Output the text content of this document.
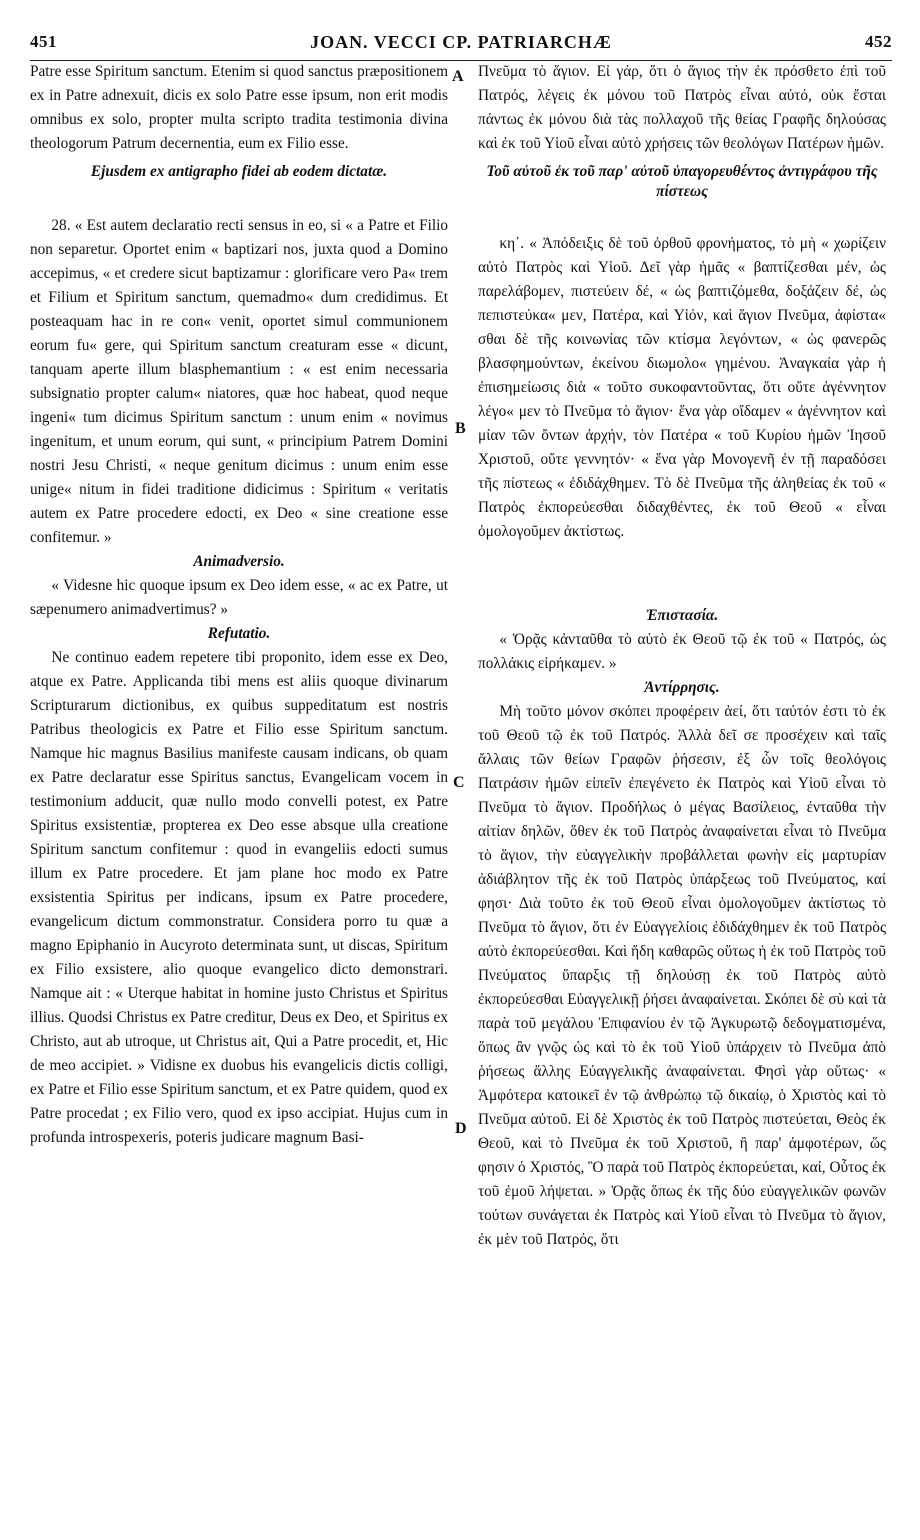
451	JOAN. VECCI CP. PATRIARCHÆ	452
A
B
C
D

Patre esse Spiritum sanctum. Etenim si quod sanctus præpositionem ex in Patre adnexuit, dicis ex solo Patre esse ipsum, non erit modis omnibus ex solo, propter multa scripto tradita testimonia divina theologorum Patrum decernentia, eum ex Filio esse.

Ejusdem ex antigrapho fidei ab eodem dictatæ.

28. « Est autem declaratio recti sensus in eo, si « a Patre et Filio non separetur. Oportet enim « baptizari nos, juxta quod a Domino accepimus, « et credere sicut baptizamur : glorificare vero Pa« trem et Filium et Spiritum sanctum, quemadmo« dum credidimus. Et posteaquam hac in re con« venit, oportet simul communionem eorum fu« gere, qui Spiritum sanctum creaturam esse « dicunt, tanquam aperte illum blasphemantium : « est enim necessaria subsignatio propter calum« niatores, quæ hoc habeat, quod neque ingeni« tum dicimus Spiritum sanctum : unum enim « novimus ingenitum, et unum eorum, qui sunt, « principium Patrem Domini nostri Jesu Christi, « neque genitum dicimus : unum enim esse unige« nitum in fidei traditione didicimus : Spiritum « veritatis autem ex Patre procedere edocti, ex Deo « sine creatione esse confitemur. »

Animadversio.

« Videsne hic quoque ipsum ex Deo idem esse, « ac ex Patre, ut sæpenumero animadvertimus? »

Refutatio.

Ne continuo eadem repetere tibi proponito, idem esse ex Deo, atque ex Patre. Applicanda tibi mens est aliis quoque divinarum Scripturarum dictionibus, ex quibus suppeditatum est nostris Patribus theologicis ex Patre et Filio esse Spiritum sanctum. Namque hic magnus Basilius manifeste causam indicans, ob quam ex Patre declaratur esse Spiritus sanctus, Evangelicam vocem in testimonium adducit, quæ nullo modo convelli potest, ex Patre Spiritus exsistentiæ, propterea ex Deo esse absque ulla creatione Spiritum sanctum confitemur : quod in evangeliis edocti sumus illum ex Patre procedere. Et jam plane hoc modo ex Patre exsistentia Spiritus per indicans, ipsum ex Patre procedere, evangelicum dictum commonstratur. Considera porro tu quæ a magno Epiphanio in Aucyroto determinata sunt, ut discas, Spiritum ex Filio exsistere, alio quoque evangelico dicto demonstrari. Namque ait : « Uterque habitat in homine justo Christus et Spiritus illius. Quodsi Christus ex Patre creditur, Deus ex Deo, et Spiritus ex Christo, aut ab utroque, ut Christus ait, Qui a Patre procedit, et, Hic de meo accipiet. » Vidisne ex duobus his evangelicis dictis colligi, ex Patre et Filio esse Spiritum sanctum, et ex Patre quidem, quod ex Patre procedat ; ex Filio vero, quod ex ipso accipiat. Hujus cum in profunda introspexeris, poteris judicare magnum Basi-

Πνεῦμα τὸ ἅγιον. Εἰ γάρ, ὅτι ὁ ἅγιος τὴν ἐκ πρόσθετο ἐπὶ τοῦ Πατρός, λέγεις ἐκ μόνου τοῦ Πατρὸς εἶναι αὐτό, οὐκ ἔσται πάντως ἐκ μόνου διὰ τὰς πολλαχοῦ τῆς θείας Γραφῆς δηλούσας καὶ ἐκ τοῦ Υἱοῦ εἶναι αὐτὸ χρήσεις τῶν θεολόγων Πατέρων ἡμῶν.

Τοῦ αὐτοῦ ἐκ τοῦ παρ' αὐτοῦ ὑπαγορευθέντος ἀντιγράφου τῆς πίστεως

κη΄. « Ἀπόδειξις δὲ τοῦ ὀρθοῦ φρονήματος, τὸ μὴ « χωρίζειν αὐτὸ Πατρὸς καὶ Υἱοῦ. Δεῖ γὰρ ἡμᾶς « βαπτίζεσθαι μέν, ὡς παρελάβομεν, πιστεύειν δέ, « ὡς βαπτιζόμεθα, δοξάζειν δέ, ὡς πεπιστεύκα« μεν, Πατέρα, καὶ Υἱόν, καὶ ἅγιον Πνεῦμα, ἀφίστα« σθαι δὲ τῆς κοινωνίας τῶν κτίσμα λεγόντων, « ὡς φανερῶς βλασφημούντων, ἐκείνου διωμολο« γημένου. Ἀναγκαία γὰρ ἡ ἐπισημείωσις διὰ « τοῦτο συκοφαντοῦντας, ὅτι οὔτε ἀγέννητον λέγο« μεν τὸ Πνεῦμα τὸ ἅγιον· ἕνα γὰρ οἴδαμεν « ἀγέννητον καὶ μίαν τῶν ὄντων ἀρχήν, τὸν Πατέρα « τοῦ Κυρίου ἡμῶν Ἰησοῦ Χριστοῦ, οὔτε γεννητόν· « ἕνα γὰρ Μονογενῆ ἐν τῇ παραδόσει τῆς πίστεως « ἐδιδάχθημεν. Τὸ δὲ Πνεῦμα τῆς ἀληθείας ἐκ τοῦ « Πατρὸς ἐκπορεύεσθαι διδαχθέντες, ἐκ τοῦ Θεοῦ « εἶναι ὁμολογοῦμεν ἀκτίστως.

Ἐπιστασία.

« Ὁρᾷς κἀνταῦθα τὸ αὐτὸ ἐκ Θεοῦ τῷ ἐκ τοῦ « Πατρός, ὡς πολλάκις εἰρήκαμεν. »

Ἀντίρρησις.

Μὴ τοῦτο μόνον σκόπει προφέρειν ἀεί, ὅτι ταὐτόν ἐστι τὸ ἐκ τοῦ Θεοῦ τῷ ἐκ τοῦ Πατρός. Ἀλλὰ δεῖ σε προσέχειν καὶ ταῖς ἄλλαις τῶν θείων Γραφῶν ῥήσεσιν, ἐξ ὧν τοῖς θεολόγοις Πατράσιν ἡμῶν εἰπεῖν ἐπεγένετο ἐκ Πατρὸς καὶ Υἱοῦ εἶναι τὸ Πνεῦμα τὸ ἅγιον. Προδήλως ὁ μέγας Βασίλειος, ἐνταῦθα τὴν αἰτίαν δηλῶν, ὅθεν ἐκ τοῦ Πατρὸς ἀναφαίνεται εἶναι τὸ Πνεῦμα τὸ ἅγιον, τὴν εὐαγγελικὴν προβάλλεται φωνὴν εἰς μαρτυρίαν ἀδιάβλητον τῆς ἐκ τοῦ Πατρὸς ὑπάρξεως τοῦ Πνεύματος, καί φησι· Διὰ τοῦτο ἐκ τοῦ Θεοῦ εἶναι ὁμολογοῦμεν ἀκτίστως τὸ Πνεῦμα τὸ ἅγιον, ὅτι ἐν Εὐαγγελίοις ἐδιδάχθημεν ἐκ τοῦ Πατρὸς αὐτὸ ἐκπορεύεσθαι. Καὶ ἤδη καθαρῶς οὕτως ἡ ἐκ τοῦ Πατρὸς τοῦ Πνεύματος ὕπαρξις τῇ δηλούσῃ ἐκ τοῦ Πατρὸς αὐτὸ ἐκπορεύεσθαι Εὐαγγελικῇ ῥήσει ἀναφαίνεται. Σκόπει δὲ σὺ καὶ τὰ παρὰ τοῦ μεγάλου Ἐπιφανίου ἐν τῷ Ἀγκυρωτῷ δεδογματισμένα, ὅπως ἂν γνῷς ὡς καὶ τὸ ἐκ τοῦ Υἱοῦ ὑπάρχειν τὸ Πνεῦμα ἀπὸ ῥήσεως ἄλλης Εὐαγγελικῆς ἀναφαίνεται. Φησὶ γὰρ οὕτως· « Ἀμφότερα κατοικεῖ ἐν τῷ ἀνθρώπῳ τῷ δικαίῳ, ὁ Χριστὸς καὶ τὸ Πνεῦμα αὐτοῦ. Εἰ δὲ Χριστὸς ἐκ τοῦ Πατρὸς πιστεύεται, Θεὸς ἐκ Θεοῦ, καὶ τὸ Πνεῦμα ἐκ τοῦ Χριστοῦ, ἢ παρ' ἀμφοτέρων, ὥς φησιν ὁ Χριστός, Ὃ παρὰ τοῦ Πατρὸς ἐκπορεύεται, καί, Οὗτος ἐκ τοῦ ἐμοῦ λήψεται. » Ὁρᾷς ὅπως ἐκ τῆς δύο εὐαγγελικῶν φωνῶν τούτων συνάγεται ἐκ Πατρὸς καὶ Υἱοῦ εἶναι τὸ Πνεῦμα τὸ ἅγιον, ἐκ μὲν τοῦ Πατρός, ὅτι
